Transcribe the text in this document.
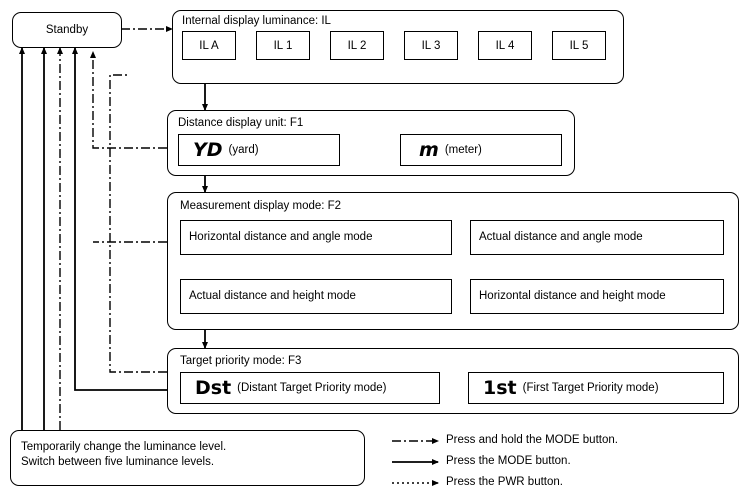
Standby
Internal display luminance: IL
IL A	IL 1	IL 2	IL 3	IL 4	IL 5
Distance display unit: F1
YD (yard)	m (meter)
Measurement display mode: F2
Horizontal distance and angle mode	Actual distance and angle mode
Actual distance and height mode	Horizontal distance and height mode
Target priority mode: F3
Dst (Distant Target Priority mode)	1st (First Target Priority mode)
Temporarily change the luminance level.
Switch between five luminance levels.
Press and hold the MODE button.
Press the MODE button.
Press the PWR button.
